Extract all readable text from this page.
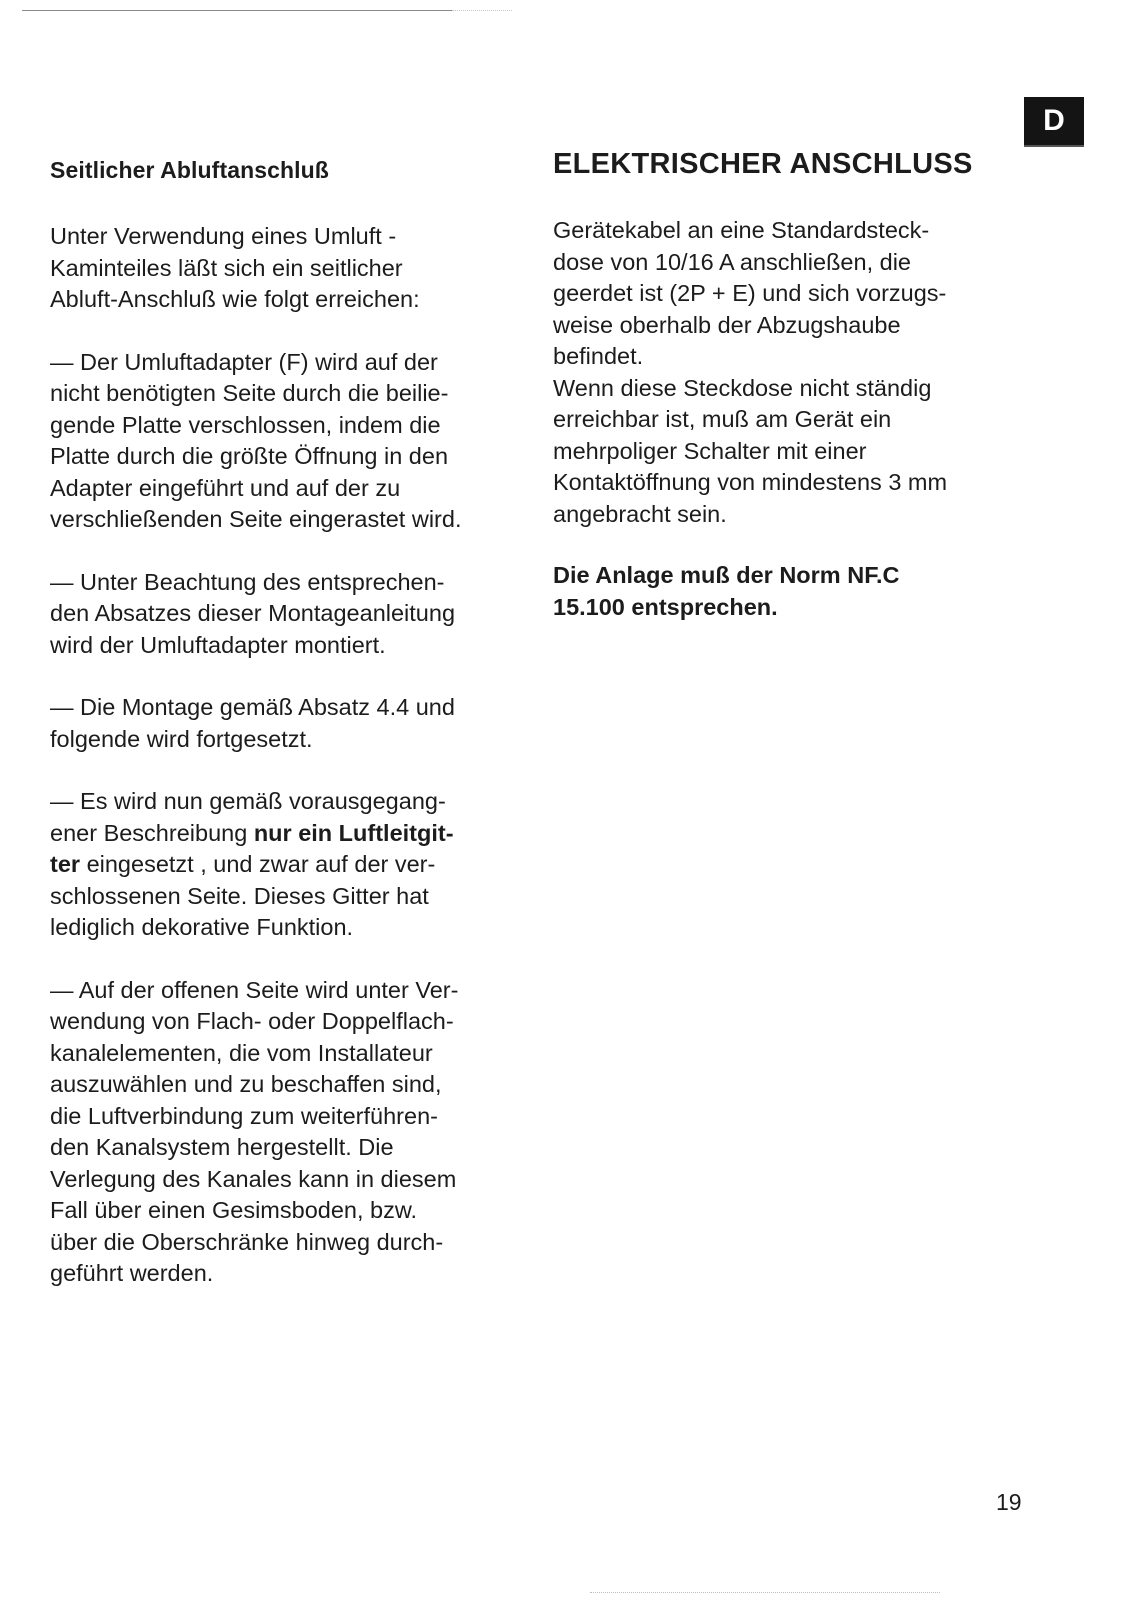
D
Seitlicher Abluftanschluß
Unter Verwendung eines Umluft -
Kaminteiles läßt sich ein seitlicher
Abluft-Anschluß wie folgt erreichen:
— Der Umluftadapter (F) wird auf der
nicht benötigten Seite durch die beilie-
gende Platte verschlossen, indem die
Platte durch die größte Öffnung in den
Adapter eingeführt und auf der zu
verschließenden Seite eingerastet wird.
— Unter Beachtung des entsprechen-
den Absatzes dieser Montageanleitung
wird der Umluftadapter montiert.
— Die Montage gemäß Absatz 4.4 und
folgende wird fortgesetzt.
— Es wird nun gemäß vorausgegang-
ener Beschreibung nur ein Luftleitgit-
ter eingesetzt , und zwar auf der ver-
schlossenen Seite. Dieses Gitter hat
lediglich dekorative Funktion.
— Auf der offenen Seite wird unter Ver-
wendung von Flach- oder Doppelflach-
kanalelementen, die vom Installateur
auszuwählen und zu beschaffen sind,
die Luftverbindung zum weiterführen-
den Kanalsystem hergestellt. Die
Verlegung des Kanales kann in diesem
Fall über einen Gesimsboden, bzw.
über die Oberschränke hinweg durch-
geführt werden.
ELEKTRISCHER ANSCHLUSS
Gerätekabel an eine Standardsteck-
dose von 10/16 A anschließen, die
geerdet ist (2P + E) und sich vorzugs-
weise oberhalb der Abzugshaube
befindet.
Wenn diese Steckdose nicht ständig
erreichbar ist, muß am Gerät ein
mehrpoliger Schalter mit einer
Kontaktöffnung von mindestens 3 mm
angebracht sein.
Die Anlage muß der Norm NF.C
15.100 entsprechen.
19
